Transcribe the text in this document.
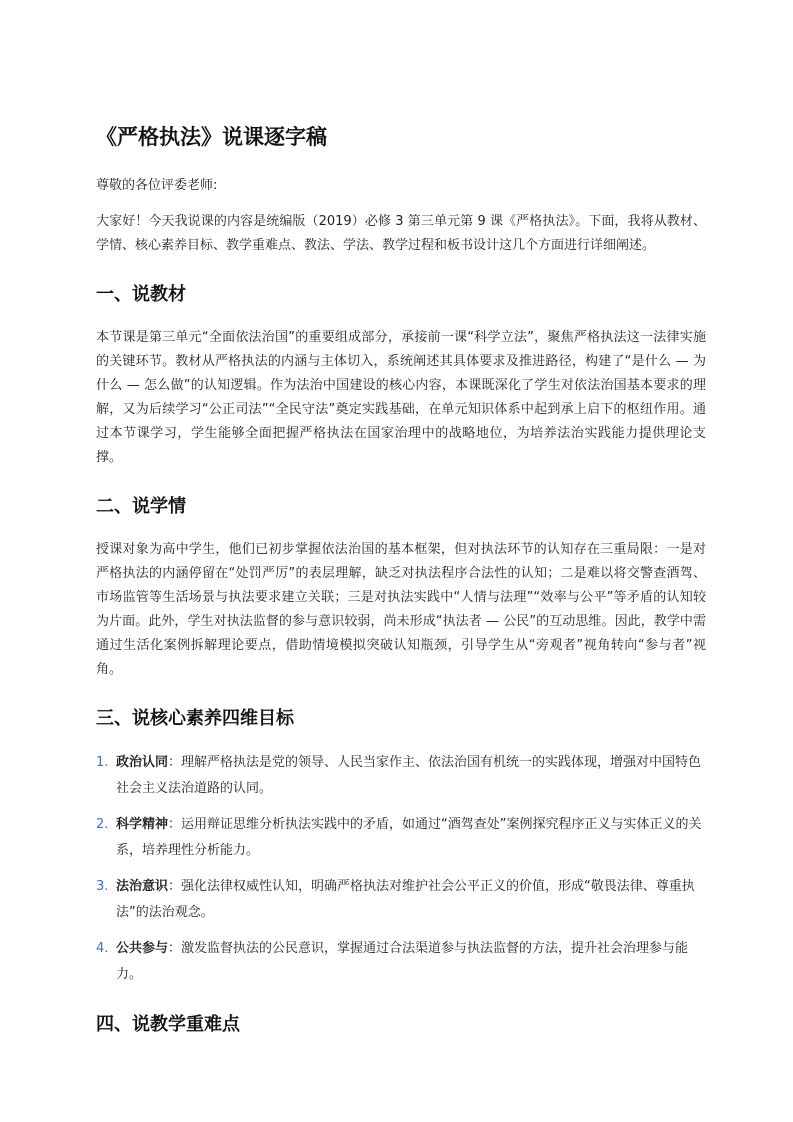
《严格执法》说课逐字稿

尊敬的各位评委老师:

大家好！今天我说课的内容是统编版（2019）必修 3 第三单元第 9 课《严格执法》。下面，我将从教材、学情、核心素养目标、教学重难点、教法、学法、教学过程和板书设计这几个方面进行详细阐述。

一、说教材

本节课是第三单元“全面依法治国”的重要组成部分，承接前一课“科学立法”，聚焦严格执法这一法律实施的关键环节。教材从严格执法的内涵与主体切入，系统阐述其具体要求及推进路径，构建了“是什么 — 为什么 — 怎么做”的认知逻辑。作为法治中国建设的核心内容，本课既深化了学生对依法治国基本要求的理解，又为后续学习“公正司法”“全民守法”奠定实践基础，在单元知识体系中起到承上启下的枢纽作用。通过本节课学习，学生能够全面把握严格执法在国家治理中的战略地位，为培养法治实践能力提供理论支撑。

二、说学情

授课对象为高中学生，他们已初步掌握依法治国的基本框架，但对执法环节的认知存在三重局限：一是对严格执法的内涵停留在“处罚严厉”的表层理解，缺乏对执法程序合法性的认知；二是难以将交警查酒驾、市场监管等生活场景与执法要求建立关联；三是对执法实践中“人情与法理”“效率与公平”等矛盾的认知较为片面。此外，学生对执法监督的参与意识较弱，尚未形成“执法者 — 公民”的互动思维。因此，教学中需通过生活化案例拆解理论要点，借助情境模拟突破认知瓶颈，引导学生从“旁观者”视角转向“参与者”视角。

三、说核心素养四维目标
1. 政治认同：理解严格执法是党的领导、人民当家作主、依法治国有机统一的实践体现，增强对中国特色社会主义法治道路的认同。
2. 科学精神：运用辩证思维分析执法实践中的矛盾，如通过“酒驾查处”案例探究程序正义与实体正义的关系，培养理性分析能力。
3. 法治意识：强化法律权威性认知，明确严格执法对维护社会公平正义的价值，形成“敬畏法律、尊重执法”的法治观念。
4. 公共参与：激发监督执法的公民意识，掌握通过合法渠道参与执法监督的方法，提升社会治理参与能力。
四、说教学重难点
